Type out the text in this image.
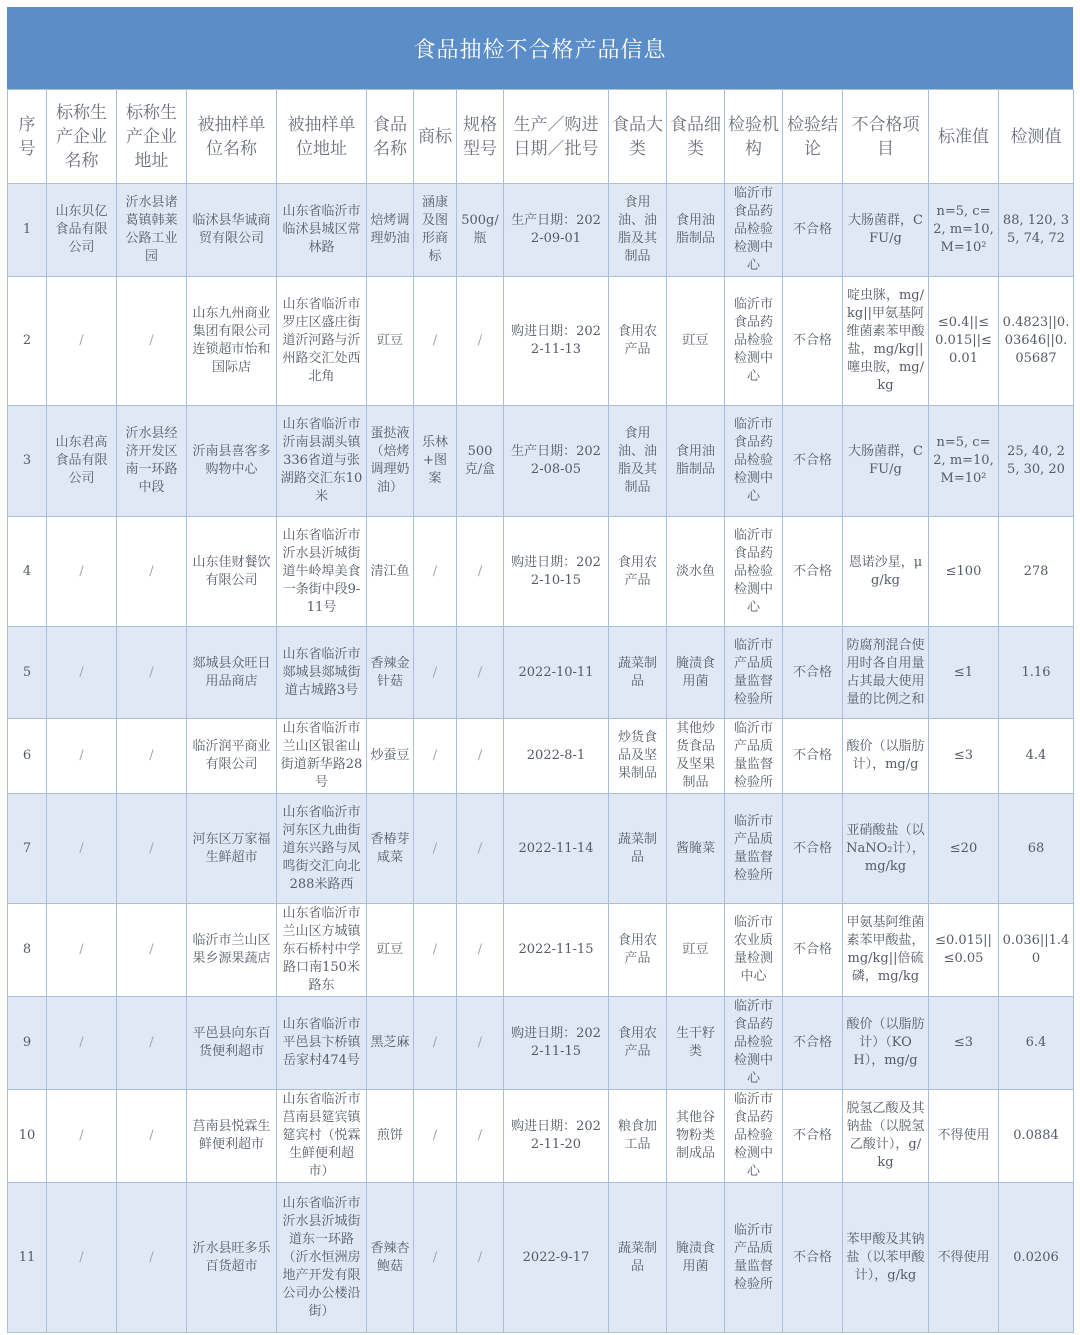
食品抽检不合格产品信息
序号	标称生产企业名称	标称生产企业地址	被抽样单位名称	被抽样单位地址	食品名称	商标	规格型号	生产／购进日期／批号	食品大类	食品细类	检验机构	检验结论	不合格项目	标准值	检测值
1	山东贝亿食品有限公司	沂水县诸葛镇韩莱公路工业园	临沭县华诚商贸有限公司	山东省临沂市临沭县城区常林路	焙烤调理奶油	涵康及图形商标	500g/瓶	生产日期：2022-09-01	食用油、油脂及其制品	食用油脂制品	临沂市食品药品检验检测中心	不合格	大肠菌群，CFU/g	n=5, c=2, m=10, M=10²	88, 120, 35, 74, 72
2	/	/	山东九州商业集团有限公司连锁超市怡和国际店	山东省临沂市罗庄区盛庄街道沂河路与沂州路交汇处西北角	豇豆	/	/	购进日期：2022-11-13	食用农产品	豇豆	临沂市食品药品检验检测中心	不合格	啶虫脒，mg/kg||甲氨基阿维菌素苯甲酸盐，mg/kg||噻虫胺，mg/kg	≤0.4||≤0.015||≤0.01	0.4823||0.03646||0.05687
3	山东君高食品有限公司	沂水县经济开发区南一环路中段	沂南县喜客多购物中心	山东省临沂市沂南县湖头镇336省道与张湖路交汇东10米	蛋挞液（焙烤调理奶油）	乐林+图案	500克/盒	生产日期：2022-08-05	食用油、油脂及其制品	食用油脂制品	临沂市食品药品检验检测中心	不合格	大肠菌群，CFU/g	n=5, c=2, m=10, M=10²	25, 40, 25, 30, 20
4	/	/	山东佳财餐饮有限公司	山东省临沂市沂水县沂城街道牛岭埠美食一条街中段9-11号	清江鱼	/	/	购进日期：2022-10-15	食用农产品	淡水鱼	临沂市食品药品检验检测中心	不合格	恩诺沙星，μg/kg	≤100	278
5	/	/	郯城县众旺日用品商店	山东省临沂市郯城县郯城街道古城路3号	香辣金针菇	/	/	2022-10-11	蔬菜制品	腌渍食用菌	临沂市产品质量监督检验所	不合格	防腐剂混合使用时各自用量占其最大使用量的比例之和	≤1	1.16
6	/	/	临沂润平商业有限公司	山东省临沂市兰山区银雀山街道新华路28号	炒蚕豆	/	/	2022-8-1	炒货食品及坚果制品	其他炒货食品及坚果制品	临沂市产品质量监督检验所	不合格	酸价（以脂肪计），mg/g	≤3	4.4
7	/	/	河东区万家福生鲜超市	山东省临沂市河东区九曲街道东兴路与凤鸣街交汇向北288米路西	香椿芽咸菜	/	/	2022-11-14	蔬菜制品	酱腌菜	临沂市产品质量监督检验所	不合格	亚硝酸盐（以NaNO₂计），mg/kg	≤20	68
8	/	/	临沂市兰山区果乡源果蔬店	山东省临沂市兰山区方城镇东石桥村中学路口南150米路东	豇豆	/	/	2022-11-15	食用农产品	豇豆	临沂市农业质量检测中心	不合格	甲氨基阿维菌素苯甲酸盐，mg/kg||倍硫磷，mg/kg	≤0.015||≤0.05	0.036||1.40
9	/	/	平邑县向东百货便利超市	山东省临沂市平邑县卞桥镇岳家村474号	黑芝麻	/	/	购进日期：2022-11-15	食用农产品	生干籽类	临沂市食品药品检验检测中心	不合格	酸价（以脂肪计）（KOH），mg/g	≤3	6.4
10	/	/	莒南县悦霖生鲜便利超市	山东省临沂市莒南县筵宾镇筵宾村（悦霖生鲜便利超市）	煎饼	/	/	购进日期：2022-11-20	粮食加工品	其他谷物粉类制成品	临沂市食品药品检验检测中心	不合格	脱氢乙酸及其钠盐（以脱氢乙酸计），g/kg	不得使用	0.0884
11	/	/	沂水县旺多乐百货超市	山东省临沂市沂水县沂城街道东一环路（沂水恒洲房地产开发有限公司办公楼沿街）	香辣杏鲍菇	/	/	2022-9-17	蔬菜制品	腌渍食用菌	临沂市产品质量监督检验所	不合格	苯甲酸及其钠盐（以苯甲酸计），g/kg	不得使用	0.0206
